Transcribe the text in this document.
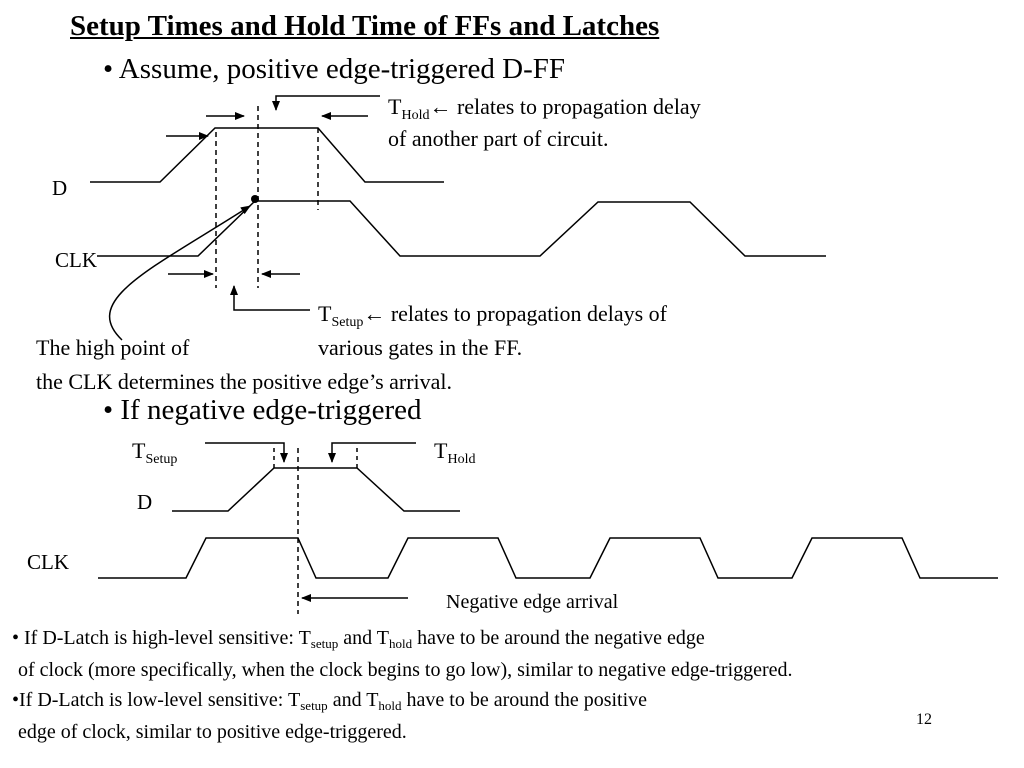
Setup Times and Hold Time of FFs and Latches
• Assume, positive edge-triggered D-FF
D
CLK
$T_{Hold}\leftarrow$ relates to propagation delay
of another part of circuit.
$T_{Setup}\leftarrow$ relates to propagation delays of
various gates in the FF.
The high point of
the CLK determines the positive edge’s arrival.
• If negative edge-triggered
$T_{Setup}$	$T_{Hold}$
D
CLK
Negative edge arrival
• If D-Latch is high-level sensitive: $T_{setup}$ and $T_{hold}$ have to be around the negative edge
of clock (more specifically, when the clock begins to go low), similar to negative edge-triggered.
•If D-Latch is low-level sensitive: $T_{setup}$ and $T_{hold}$ have to be around the positive
edge of clock, similar to positive edge-triggered.
12
